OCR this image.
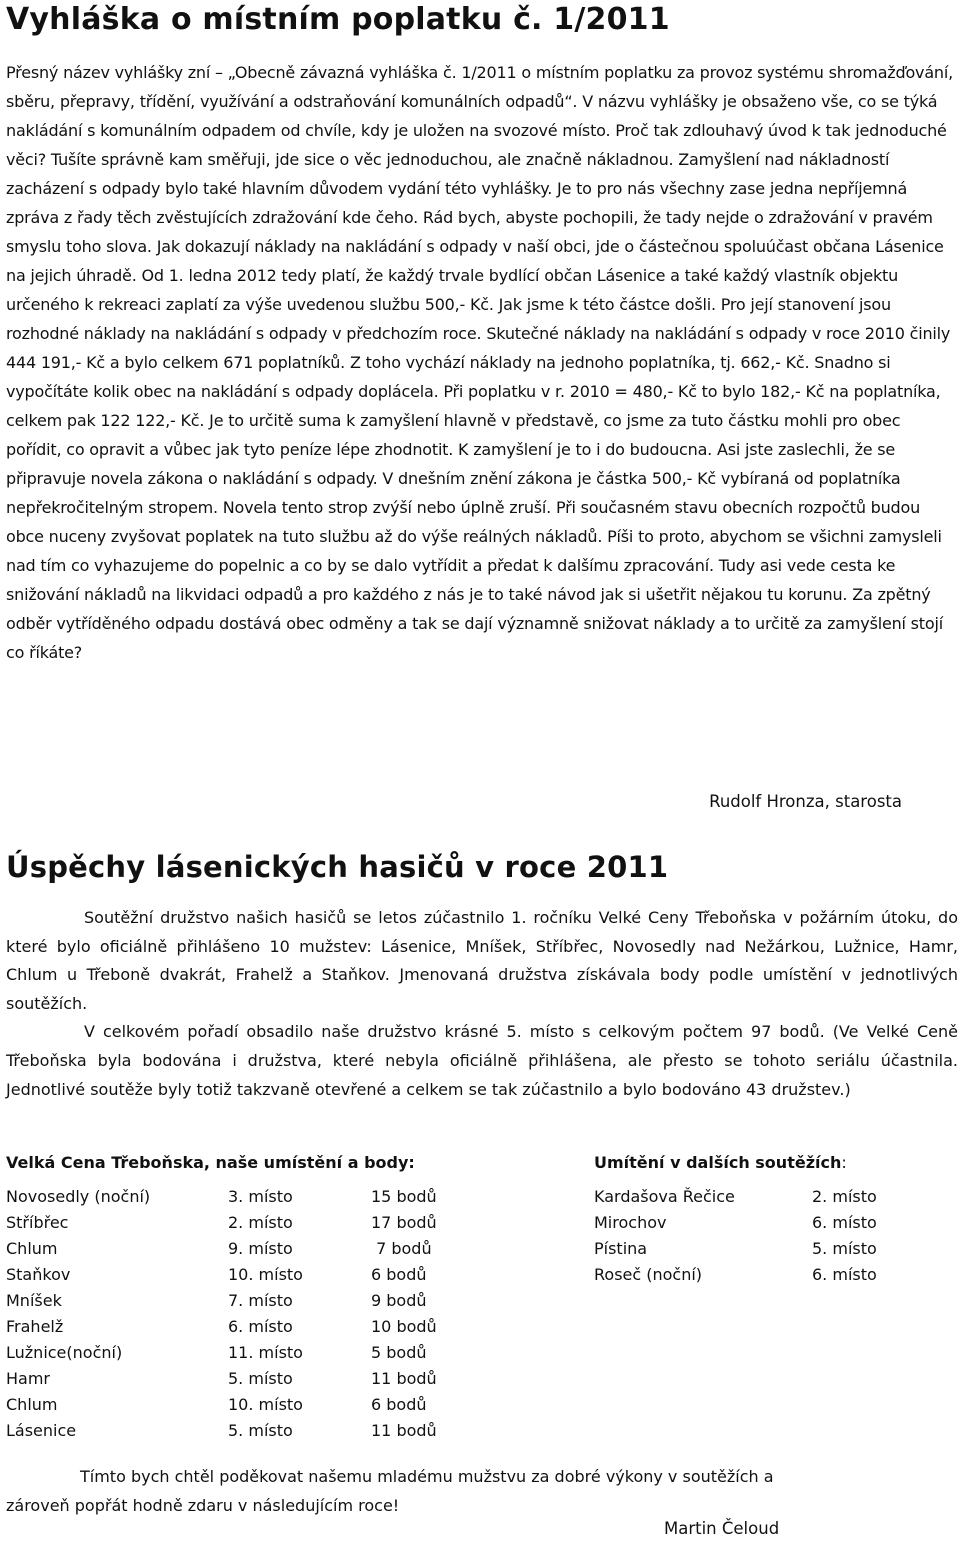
Vyhláška o místním poplatku č. 1/2011

Přesný název vyhlášky zní – „Obecně závazná vyhláška č. 1/2011 o místním poplatku za provoz systému shromažďování, sběru, přepravy, třídění, využívání a odstraňování komunálních odpadů“. V názvu vyhlášky je obsaženo vše, co se týká nakládání s komunálním odpadem od chvíle, kdy je uložen na svozové místo. Proč tak zdlouhavý úvod k tak jednoduché věci? Tušíte správně kam směřuji, jde sice o věc jednoduchou, ale značně nákladnou. Zamyšlení nad nákladností zacházení s odpady bylo také hlavním důvodem vydání této vyhlášky. Je to pro nás všechny zase jedna nepříjemná zpráva z řady těch zvěstujících zdražování kde čeho. Rád bych, abyste pochopili, že tady nejde o zdražování v pravém smyslu toho slova. Jak dokazují náklady na nakládání s odpady v naší obci, jde o částečnou spoluúčast občana Lásenice na jejich úhradě. Od 1. ledna 2012 tedy platí, že každý trvale bydlící občan Lásenice a také každý vlastník objektu určeného k rekreaci zaplatí za výše uvedenou službu 500,- Kč. Jak jsme k této částce došli. Pro její stanovení jsou rozhodné náklady na nakládání s odpady v předchozím roce. Skutečné náklady na nakládání s odpady v roce 2010 činily 444 191,- Kč a bylo celkem 671 poplatníků. Z toho vychází náklady na jednoho poplatníka, tj. 662,- Kč. Snadno si vypočítáte kolik obec na nakládání s odpady doplácela. Při poplatku v r. 2010 = 480,- Kč to bylo 182,- Kč na poplatníka, celkem pak 122 122,- Kč. Je to určitě suma k zamyšlení hlavně v představě, co jsme za tuto částku mohli pro obec pořídit, co opravit a vůbec jak tyto peníze lépe zhodnotit. K zamyšlení je to i do budoucna. Asi jste zaslechli, že se připravuje novela zákona o nakládání s odpady. V dnešním znění zákona je částka 500,- Kč vybíraná od poplatníka nepřekročitelným stropem. Novela tento strop zvýší nebo úplně zruší. Při současném stavu obecních rozpočtů budou obce nuceny zvyšovat poplatek na tuto službu až do výše reálných nákladů. Píši to proto, abychom se všichni zamysleli nad tím co vyhazujeme do popelnic a co by se dalo vytřídit a předat k dalšímu zpracování. Tudy asi vede cesta ke snižování nákladů na likvidaci odpadů a pro každého z nás je to také návod jak si ušetřit nějakou tu korunu. Za zpětný odběr vytříděného odpadu dostává obec odměny a tak se dají významně snižovat náklady a to určitě za zamyšlení stojí co říkáte?

Rudolf Hronza, starosta
Úspěchy lásenických hasičů v roce 2011

Soutěžní družstvo našich hasičů se letos zúčastnilo 1. ročníku Velké Ceny Třeboňska v požárním útoku, do které bylo oficiálně přihlášeno 10 mužstev: Lásenice, Mníšek, Stříbřec, Novosedly nad Nežárkou, Lužnice, Hamr, Chlum u Třeboně dvakrát, Frahelž a Staňkov. Jmenovaná družstva získávala body podle umístění v jednotlivých soutěžích.

V celkovém pořadí obsadilo naše družstvo krásné 5. místo s celkovým počtem 97 bodů. (Ve Velké Ceně Třeboňska byla bodována i družstva, které nebyla oficiálně přihlášena, ale přesto se tohoto seriálu účastnila. Jednotlivé soutěže byly totiž takzvaně otevřené a celkem se tak zúčastnilo a bylo bodováno 43 družstev.)

Velká Cena Třeboňska, naše umístění a body:	Umítění v dalších soutěžích:
Novosedly (noční)	3. místo	15 bodů
Stříbřec	2. místo	17 bodů
Chlum	9. místo	7 bodů
Staňkov	10. místo	6 bodů
Mníšek	7. místo	9 bodů
Frahelž	6. místo	10 bodů
Lužnice(noční)	11. místo	5 bodů
Hamr	5. místo	11 bodů
Chlum	10. místo	6 bodů
Lásenice	5. místo	11 bodů
Kardašova Řečice	2. místo
Mirochov	6. místo
Pístina	5. místo
Roseč (noční)	6. místo

Tímto bych chtěl poděkovat našemu mladému mužstvu za dobré výkony v soutěžích a

zároveň popřát hodně zdaru v následujícím roce!

Martin Čeloud
